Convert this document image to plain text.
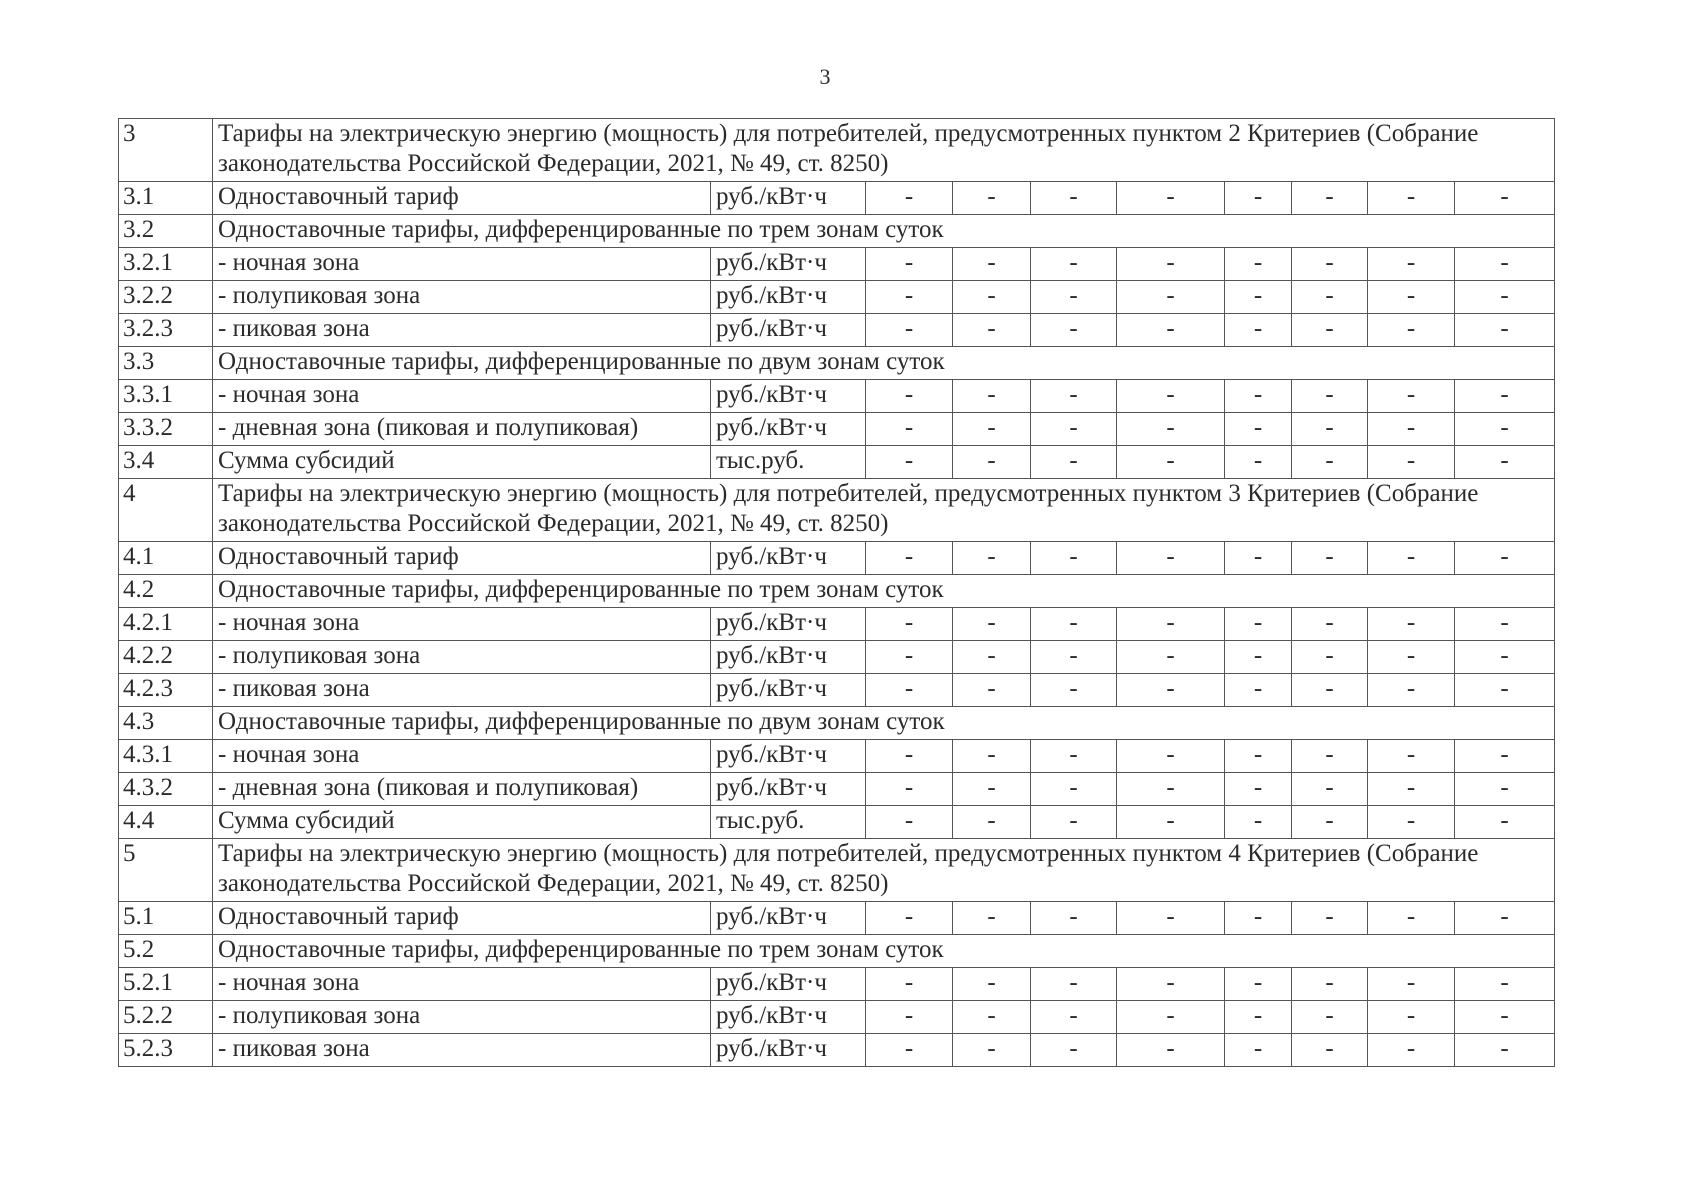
3
3	Тарифы на электрическую энергию (мощность) для потребителей, предусмотренных пунктом 2 Критериев (Собрание законодательства Российской Федерации, 2021, № 49, ст. 8250)									
3.1	Одноставочный тариф	руб./кВт·ч	-	-	-	-	-	-	-	-
3.2	Одноставочные тарифы, дифференцированные по трем зонам суток									
3.2.1	- ночная зона	руб./кВт·ч	-	-	-	-	-	-	-	-
3.2.2	- полупиковая зона	руб./кВт·ч	-	-	-	-	-	-	-	-
3.2.3	- пиковая зона	руб./кВт·ч	-	-	-	-	-	-	-	-
3.3	Одноставочные тарифы, дифференцированные по двум зонам суток									
3.3.1	- ночная зона	руб./кВт·ч	-	-	-	-	-	-	-	-
3.3.2	- дневная зона (пиковая и полупиковая)	руб./кВт·ч	-	-	-	-	-	-	-	-
3.4	Сумма субсидий	тыс.руб.	-	-	-	-	-	-	-	-
4	Тарифы на электрическую энергию (мощность) для потребителей, предусмотренных пунктом 3 Критериев (Собрание законодательства Российской Федерации, 2021, № 49, ст. 8250)									
4.1	Одноставочный тариф	руб./кВт·ч	-	-	-	-	-	-	-	-
4.2	Одноставочные тарифы, дифференцированные по трем зонам суток									
4.2.1	- ночная зона	руб./кВт·ч	-	-	-	-	-	-	-	-
4.2.2	- полупиковая зона	руб./кВт·ч	-	-	-	-	-	-	-	-
4.2.3	- пиковая зона	руб./кВт·ч	-	-	-	-	-	-	-	-
4.3	Одноставочные тарифы, дифференцированные по двум зонам суток									
4.3.1	- ночная зона	руб./кВт·ч	-	-	-	-	-	-	-	-
4.3.2	- дневная зона (пиковая и полупиковая)	руб./кВт·ч	-	-	-	-	-	-	-	-
4.4	Сумма субсидий	тыс.руб.	-	-	-	-	-	-	-	-
5	Тарифы на электрическую энергию (мощность) для потребителей, предусмотренных пунктом 4 Критериев (Собрание законодательства Российской Федерации, 2021, № 49, ст. 8250)									
5.1	Одноставочный тариф	руб./кВт·ч	-	-	-	-	-	-	-	-
5.2	Одноставочные тарифы, дифференцированные по трем зонам суток									
5.2.1	- ночная зона	руб./кВт·ч	-	-	-	-	-	-	-	-
5.2.2	- полупиковая зона	руб./кВт·ч	-	-	-	-	-	-	-	-
5.2.3	- пиковая зона	руб./кВт·ч	-	-	-	-	-	-	-	-
